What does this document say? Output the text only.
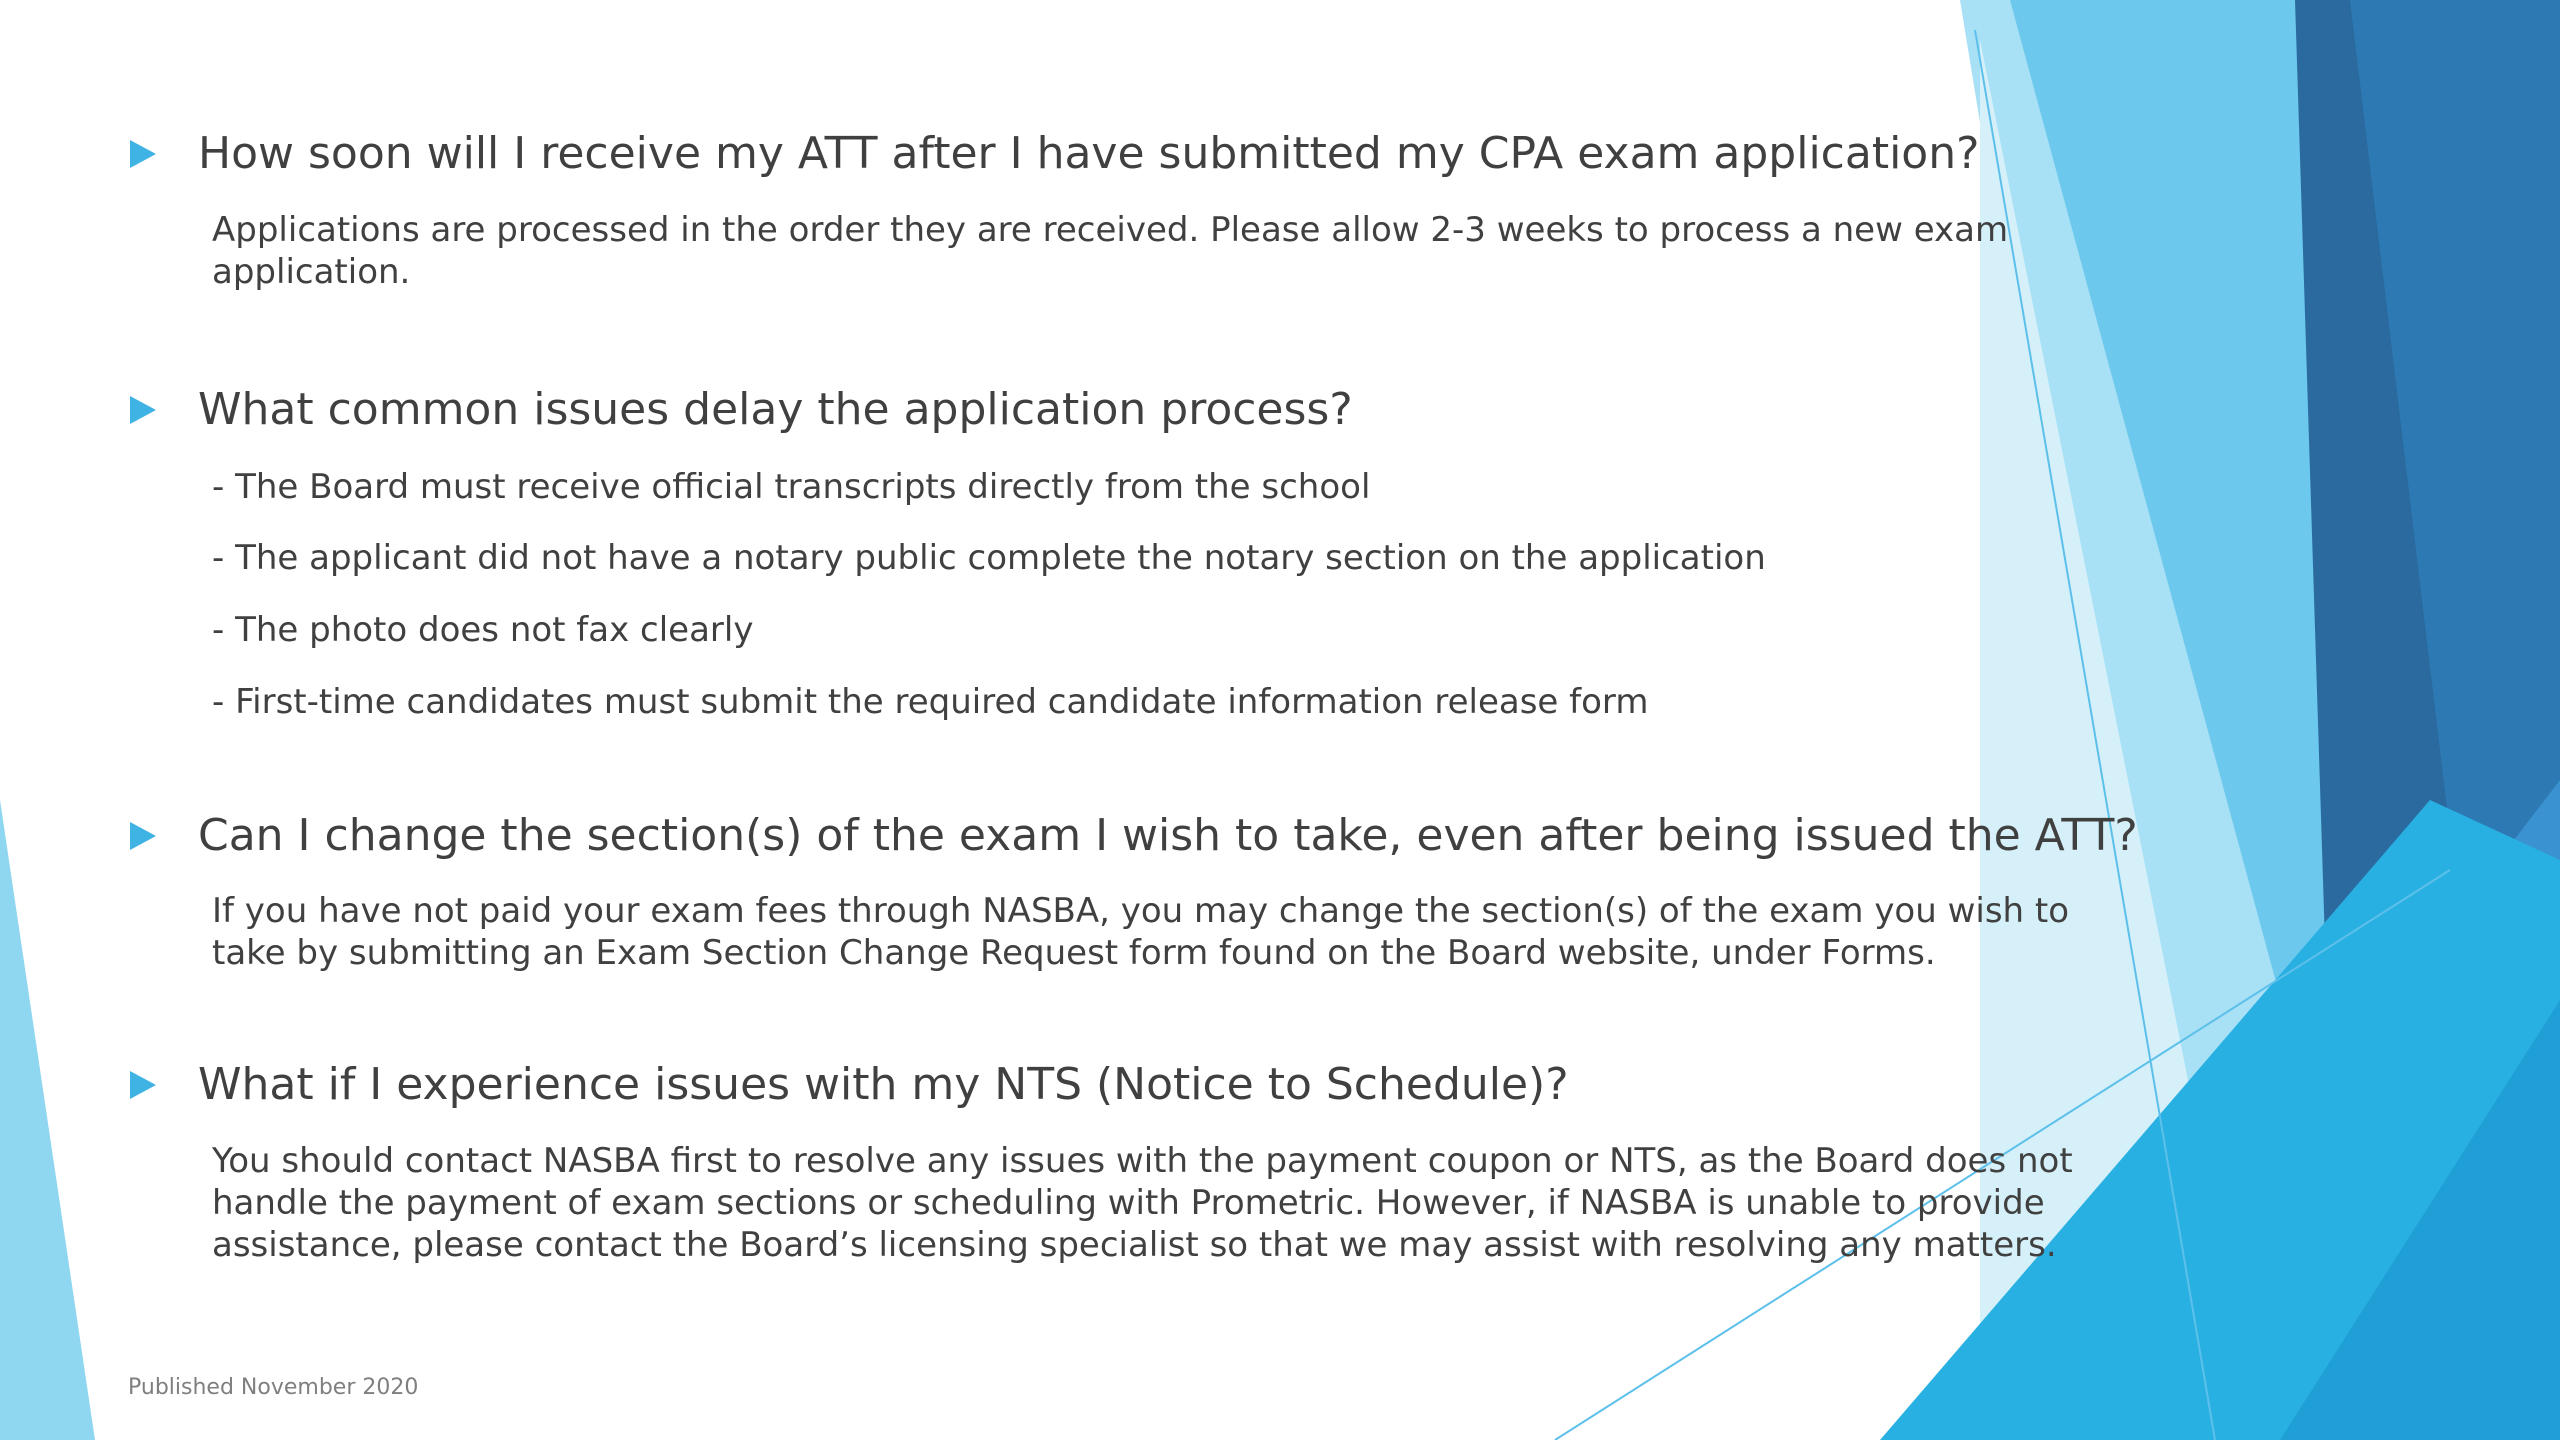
How soon will I receive my ATT after I have submitted my CPA exam application?
Applications are processed in the order they are received. Please allow 2-3 weeks to process a new exam application.
What common issues delay the application process?
- The Board must receive official transcripts directly from the school
- The applicant did not have a notary public complete the notary section on the application
- The photo does not fax clearly
- First-time candidates must submit the required candidate information release form
Can I change the section(s) of the exam I wish to take, even after being issued the ATT?
If you have not paid your exam fees through NASBA, you may change the section(s) of the exam you wish to take by submitting an Exam Section Change Request form found on the Board website, under Forms.
What if I experience issues with my NTS (Notice to Schedule)?
You should contact NASBA first to resolve any issues with the payment coupon or NTS, as the Board does not handle the payment of exam sections or scheduling with Prometric. However, if NASBA is unable to provide assistance, please contact the Board’s licensing specialist so that we may assist with resolving any matters.
Published November 2020
